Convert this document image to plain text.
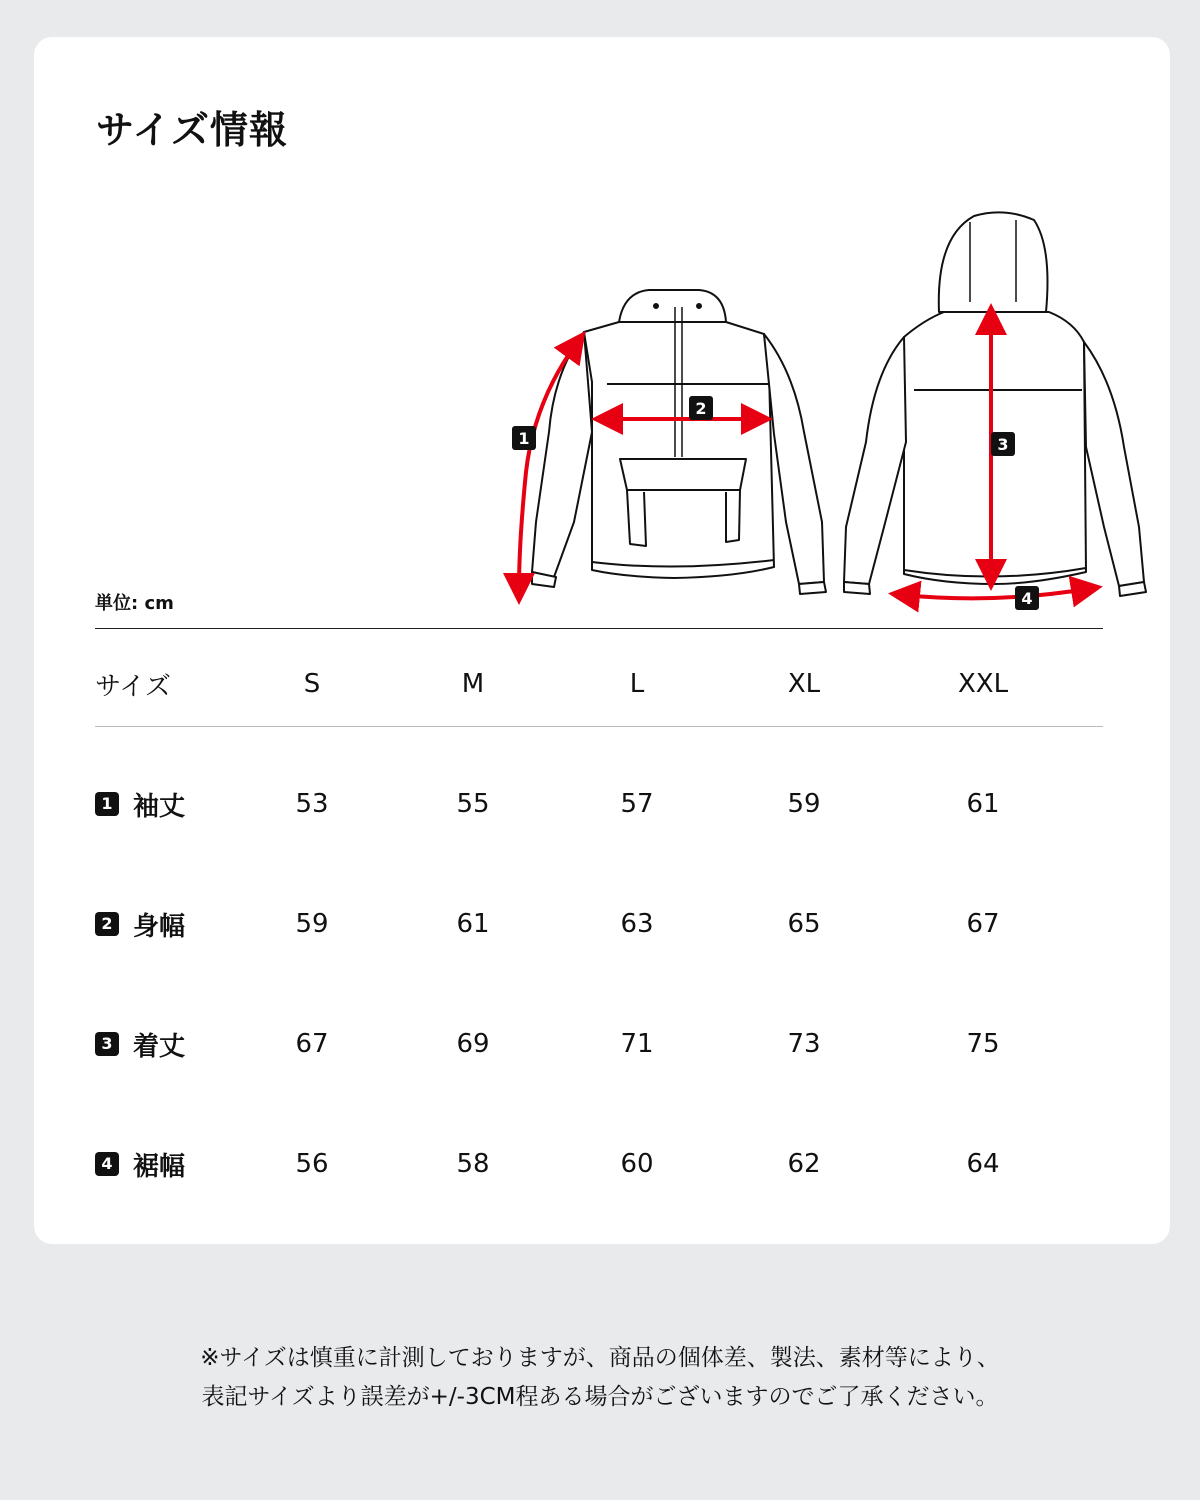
サイズ情報
1
2
3
4
単位: cm
サイズ	S	M	L	XL	XXL
1 袖丈	53	55	57	59	61
2 身幅	59	61	63	65	67
3 着丈	67	69	71	73	75
4 裾幅	56	58	60	62	64
※サイズは慎重に計測しておりますが、商品の個体差、製法、素材等により、
表記サイズより誤差が+/-3CM程ある場合がございますのでご了承ください。
